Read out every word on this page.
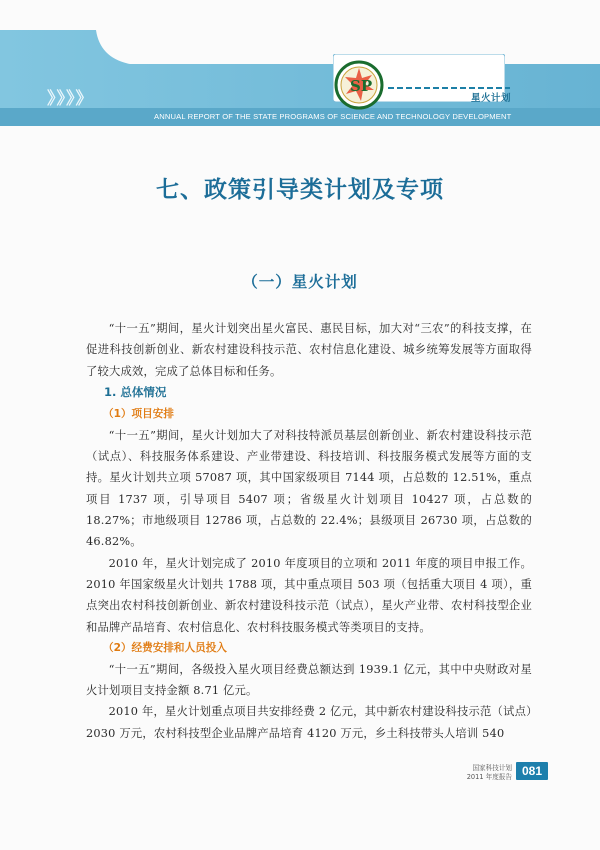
》》》》
SP
星火计划
ANNUAL REPORT OF THE STATE PROGRAMS OF SCIENCE AND TECHNOLOGY DEVELOPMENT
七、政策引导类计划及专项
（一）星火计划

“十一五”期间，星火计划突出星火富民、惠民目标，加大对“三农”的科技支撑，在促进科技创新创业、新农村建设科技示范、农村信息化建设、城乡统筹发展等方面取得了较大成效，完成了总体目标和任务。

1. 总体情况
（1）项目安排

“十一五”期间，星火计划加大了对科技特派员基层创新创业、新农村建设科技示范（试点）、科技服务体系建设、产业带建设、科技培训、科技服务模式发展等方面的支持。星火计划共立项 57087 项，其中国家级项目 7144 项，占总数的 12.51%，重点项目 1737 项，引导项目 5407 项；省级星火计划项目 10427 项，占总数的 18.27%；市地级项目 12786 项，占总数的 22.4%；县级项目 26730 项，占总数的 46.82%。

2010 年，星火计划完成了 2010 年度项目的立项和 2011 年度的项目申报工作。2010 年国家级星火计划共 1788 项，其中重点项目 503 项（包括重大项目 4 项），重点突出农村科技创新创业、新农村建设科技示范（试点），星火产业带、农村科技型企业和品牌产品培育、农村信息化、农村科技服务模式等类项目的支持。

（2）经费安排和人员投入

“十一五”期间，各级投入星火项目经费总额达到 1939.1 亿元，其中中央财政对星火计划项目支持金额 8.71 亿元。

2010 年，星火计划重点项目共安排经费 2 亿元，其中新农村建设科技示范（试点）2030 万元，农村科技型企业品牌产品培育 4120 万元，乡土科技带头人培训 540

国家科技计划
2011 年度报告 081
